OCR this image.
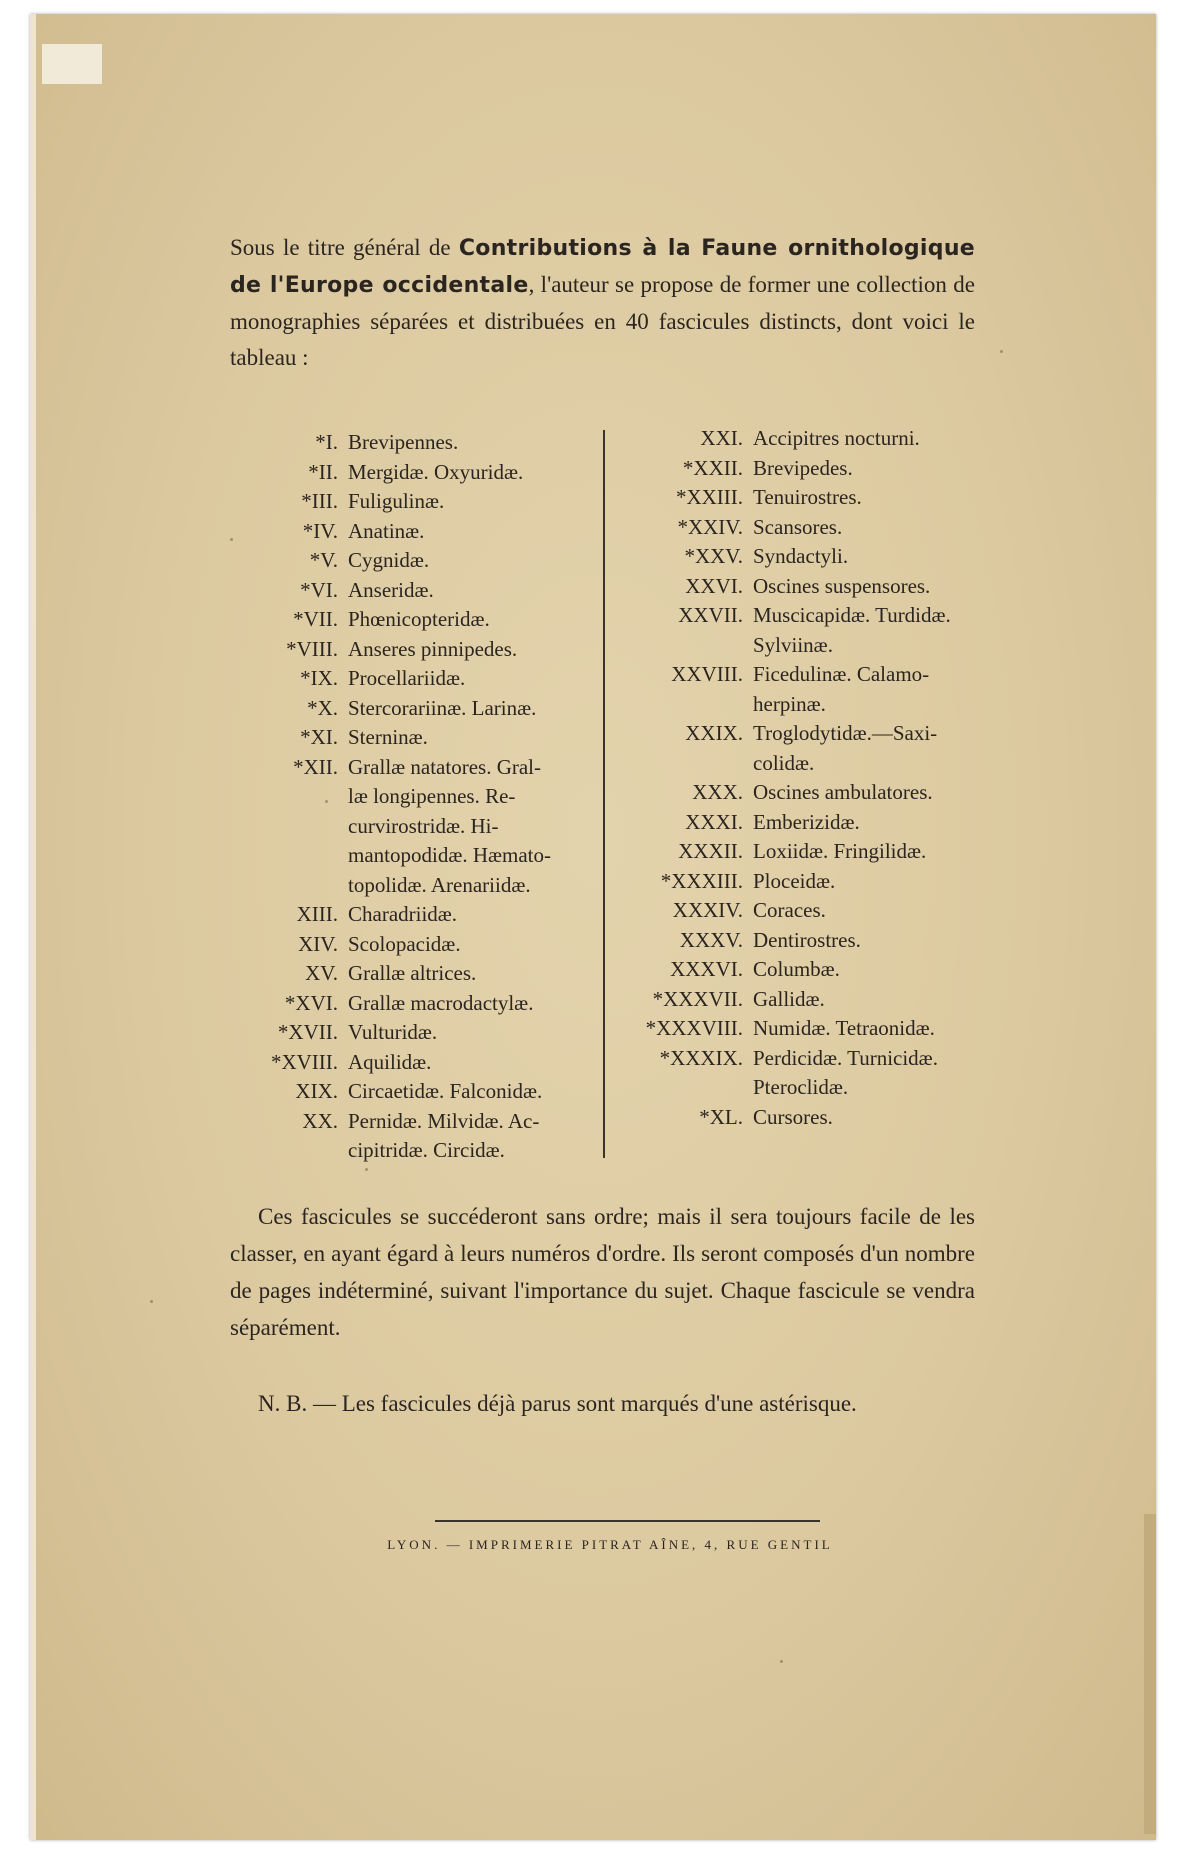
Sous le titre général de Contributions à la Faune ornithologique de l'Europe occidentale, l'auteur se propose de former une collection de monographies séparées et distribuées en 40 fascicules distincts, dont voici le tableau :
*I. Brevipennes.
*II. Mergidæ. Oxyuridæ.
*III. Fuligulinæ.
*IV. Anatinæ.
*V. Cygnidæ.
*VI. Anseridæ.
*VII. Phœnicopteridæ.
*VIII. Anseres pinnipedes.
*IX. Procellariidæ.
*X. Stercorariinæ. Larinæ.
*XI. Sterninæ.
*XII. Grallæ natatores. Gral-
læ longipennes. Re-
curvirostridæ. Hi-
mantopodidæ. Hæmato-
topolidæ. Arenariidæ.
XIII. Charadriidæ.
XIV. Scolopacidæ.
XV. Grallæ altrices.
*XVI. Grallæ macrodactylæ.
*XVII. Vulturidæ.
*XVIII. Aquilidæ.
XIX. Circaetidæ. Falconidæ.
XX. Pernidæ. Milvidæ. Ac-
cipitridæ. Circidæ.
XXI. Accipitres nocturni.
*XXII. Brevipedes.
*XXIII. Tenuirostres.
*XXIV. Scansores.
*XXV. Syndactyli.
XXVI. Oscines suspensores.
XXVII. Muscicapidæ. Turdidæ.
Sylviinæ.
XXVIII. Ficedulinæ. Calamo-
herpinæ.
XXIX. Troglodytidæ.—Saxi-
colidæ.
XXX. Oscines ambulatores.
XXXI. Emberizidæ.
XXXII. Loxiidæ. Fringilidæ.
*XXXIII. Ploceidæ.
XXXIV. Coraces.
XXXV. Dentirostres.
XXXVI. Columbæ.
*XXXVII. Gallidæ.
*XXXVIII. Numidæ. Tetraonidæ.
*XXXIX. Perdicidæ. Turnicidæ.
Pteroclidæ.
*XL. Cursores.
Ces fascicules se succéderont sans ordre; mais il sera toujours facile de les classer, en ayant égard à leurs numéros d'ordre. Ils seront composés d'un nombre de pages indéterminé, suivant l'importance du sujet. Chaque fascicule se vendra séparément.
N. B. — Les fascicules déjà parus sont marqués d'une astérisque.
LYON. — IMPRIMERIE PITRAT AÎNE, 4, RUE GENTIL
